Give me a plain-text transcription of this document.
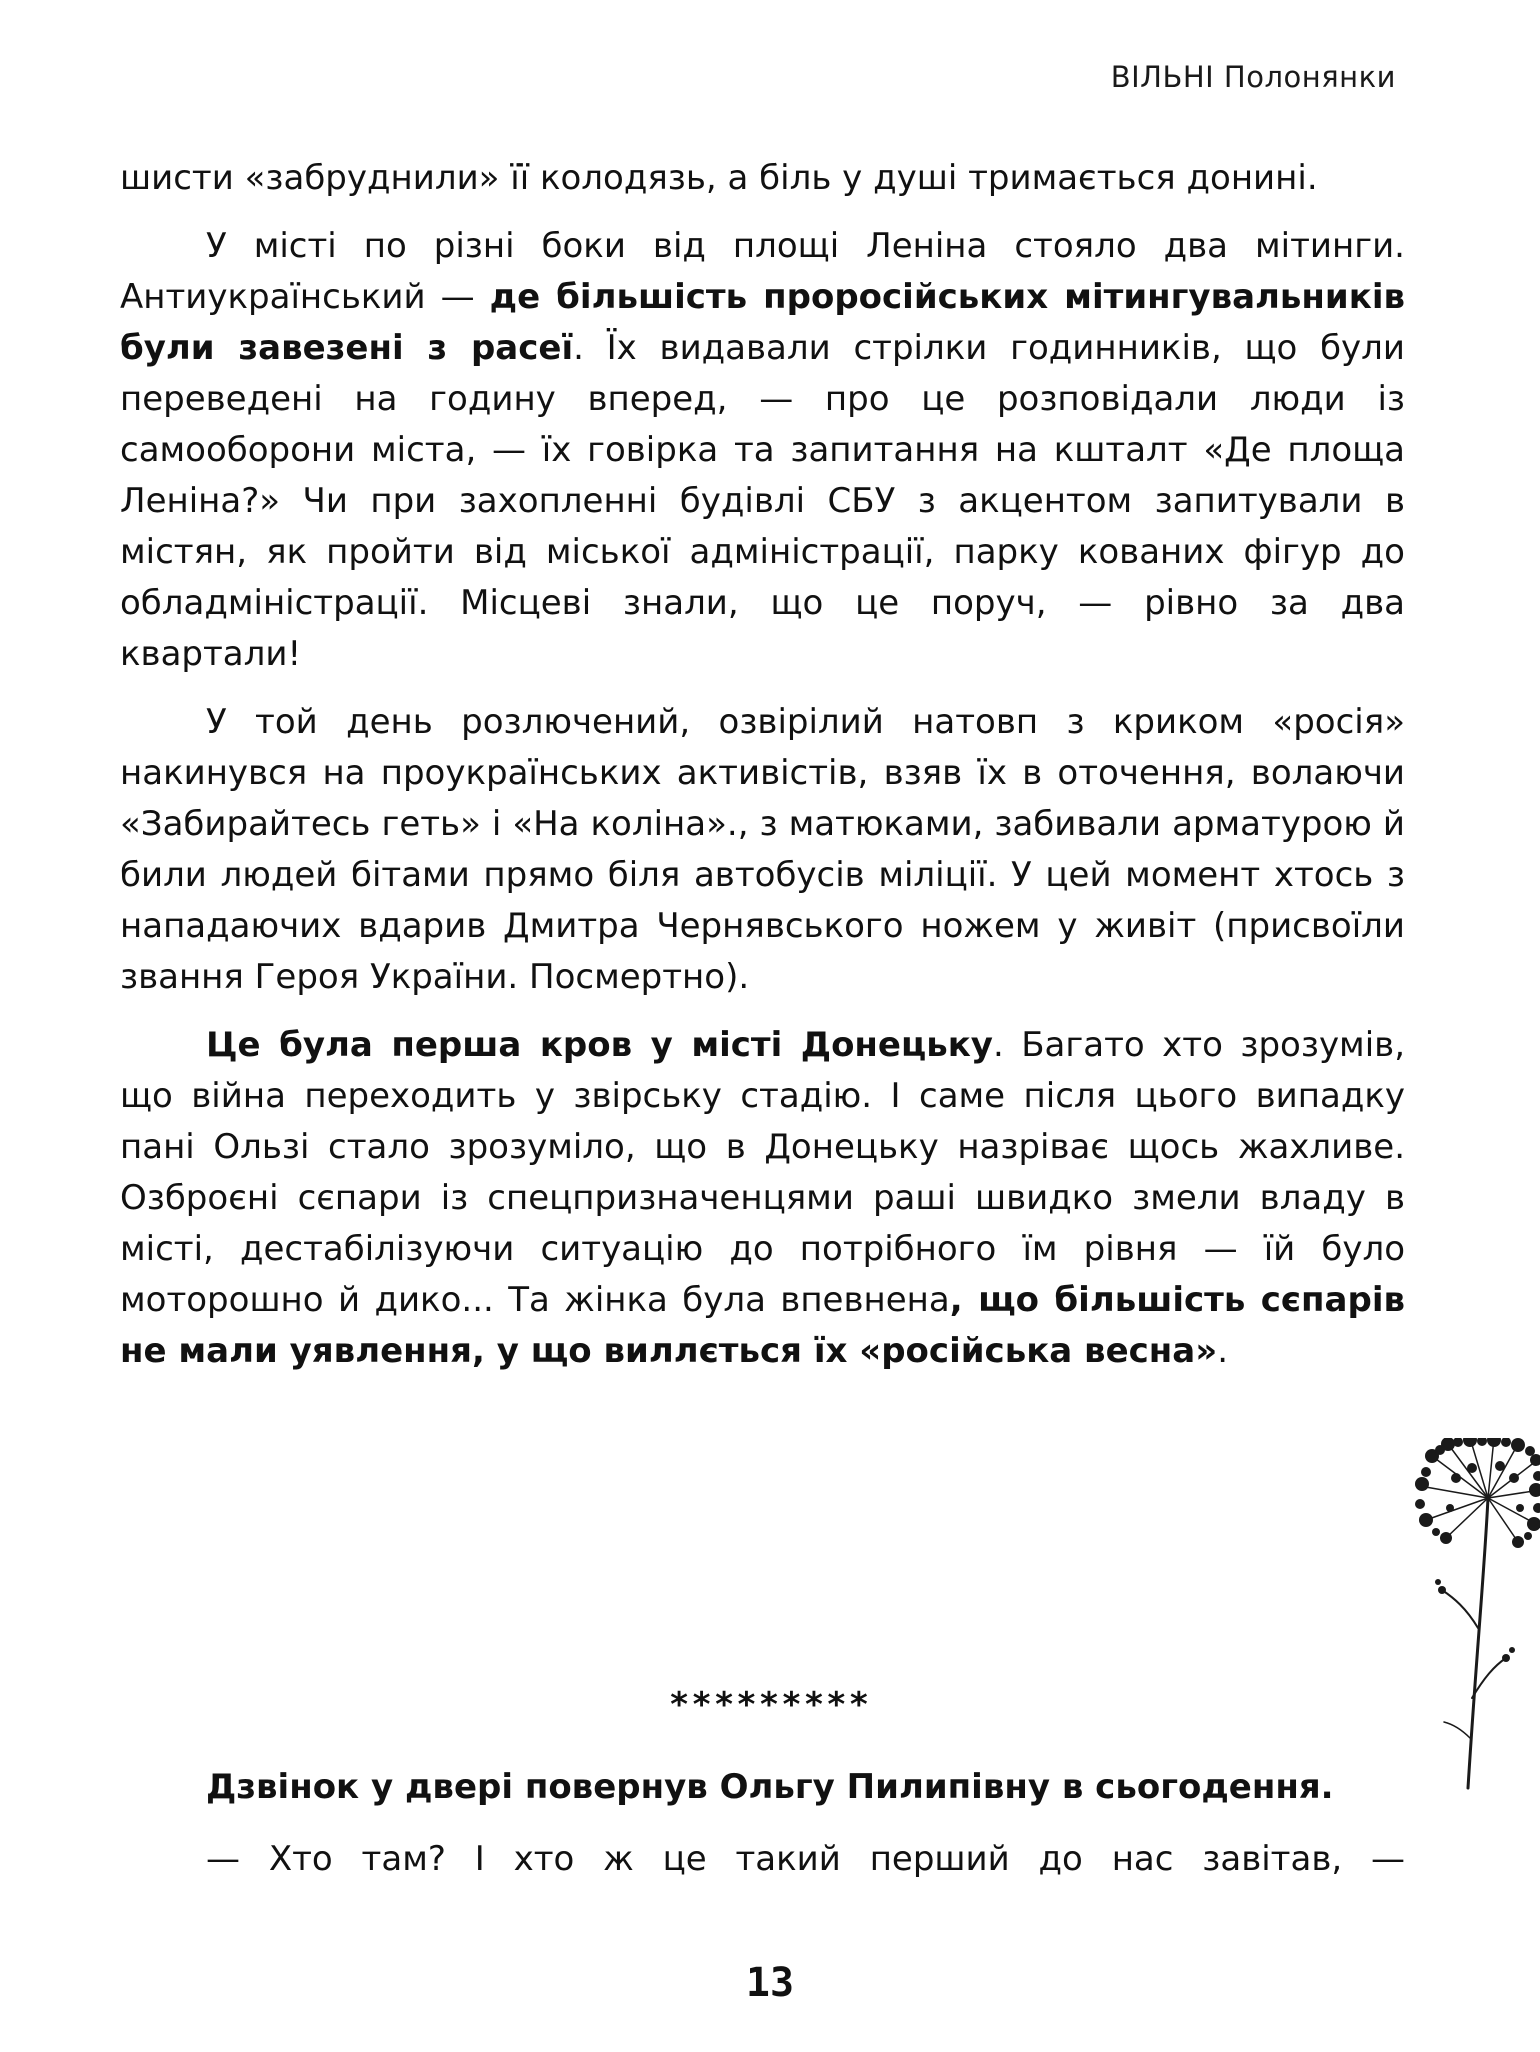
ВІЛЬНІ Полонянки

шисти «забруднили» її колодязь, а біль у душі тримається донині.

У місті по різні боки від площі Леніна стояло два мітинги. Антиукраїнський — де більшість проросійських мітингувальників були завезені з расеї. Їх видавали стрілки годинників, що були переведені на годину вперед, — про це розповідали люди із самооборони міста, — їх говірка та запитання на кшталт «Де площа Леніна?» Чи при захопленні будівлі СБУ з акцентом запитували в містян, як пройти від міської адміністрації, парку кованих фігур до обладміністрації. Місцеві знали, що це поруч, — рівно за два квартали!

У той день розлючений, озвірілий натовп з криком «росія» накинувся на проукраїнських активістів, взяв їх в оточення, волаючи «Забирайтесь геть» і «На коліна»., з матюками, забивали арматурою й били людей бітами прямо біля автобусів міліції. У цей момент хтось з нападаючих вдарив Дмитра Чернявського ножем у живіт (присвоїли звання Героя України. Посмертно).

Це була перша кров у місті Донецьку. Багато хто зрозумів, що війна переходить у звірську стадію. І саме після цього випадку пані Ользі стало зрозуміло, що в Донецьку назріває щось жахливе. Озброєні сєпари із спецпризначенцями раші швидко змели владу в місті, дестабілізуючи ситуацію до потрібного їм рівня — їй було моторошно й дико... Та жінка була впевнена, що більшість сєпарів не мали уявлення, у що виллється їх «російська весна».

*********
Дзвінок у двері повернув Ольгу Пилипівну в сьогодення.
— Хто там? І хто ж це такий перший до нас завітав, —
13
